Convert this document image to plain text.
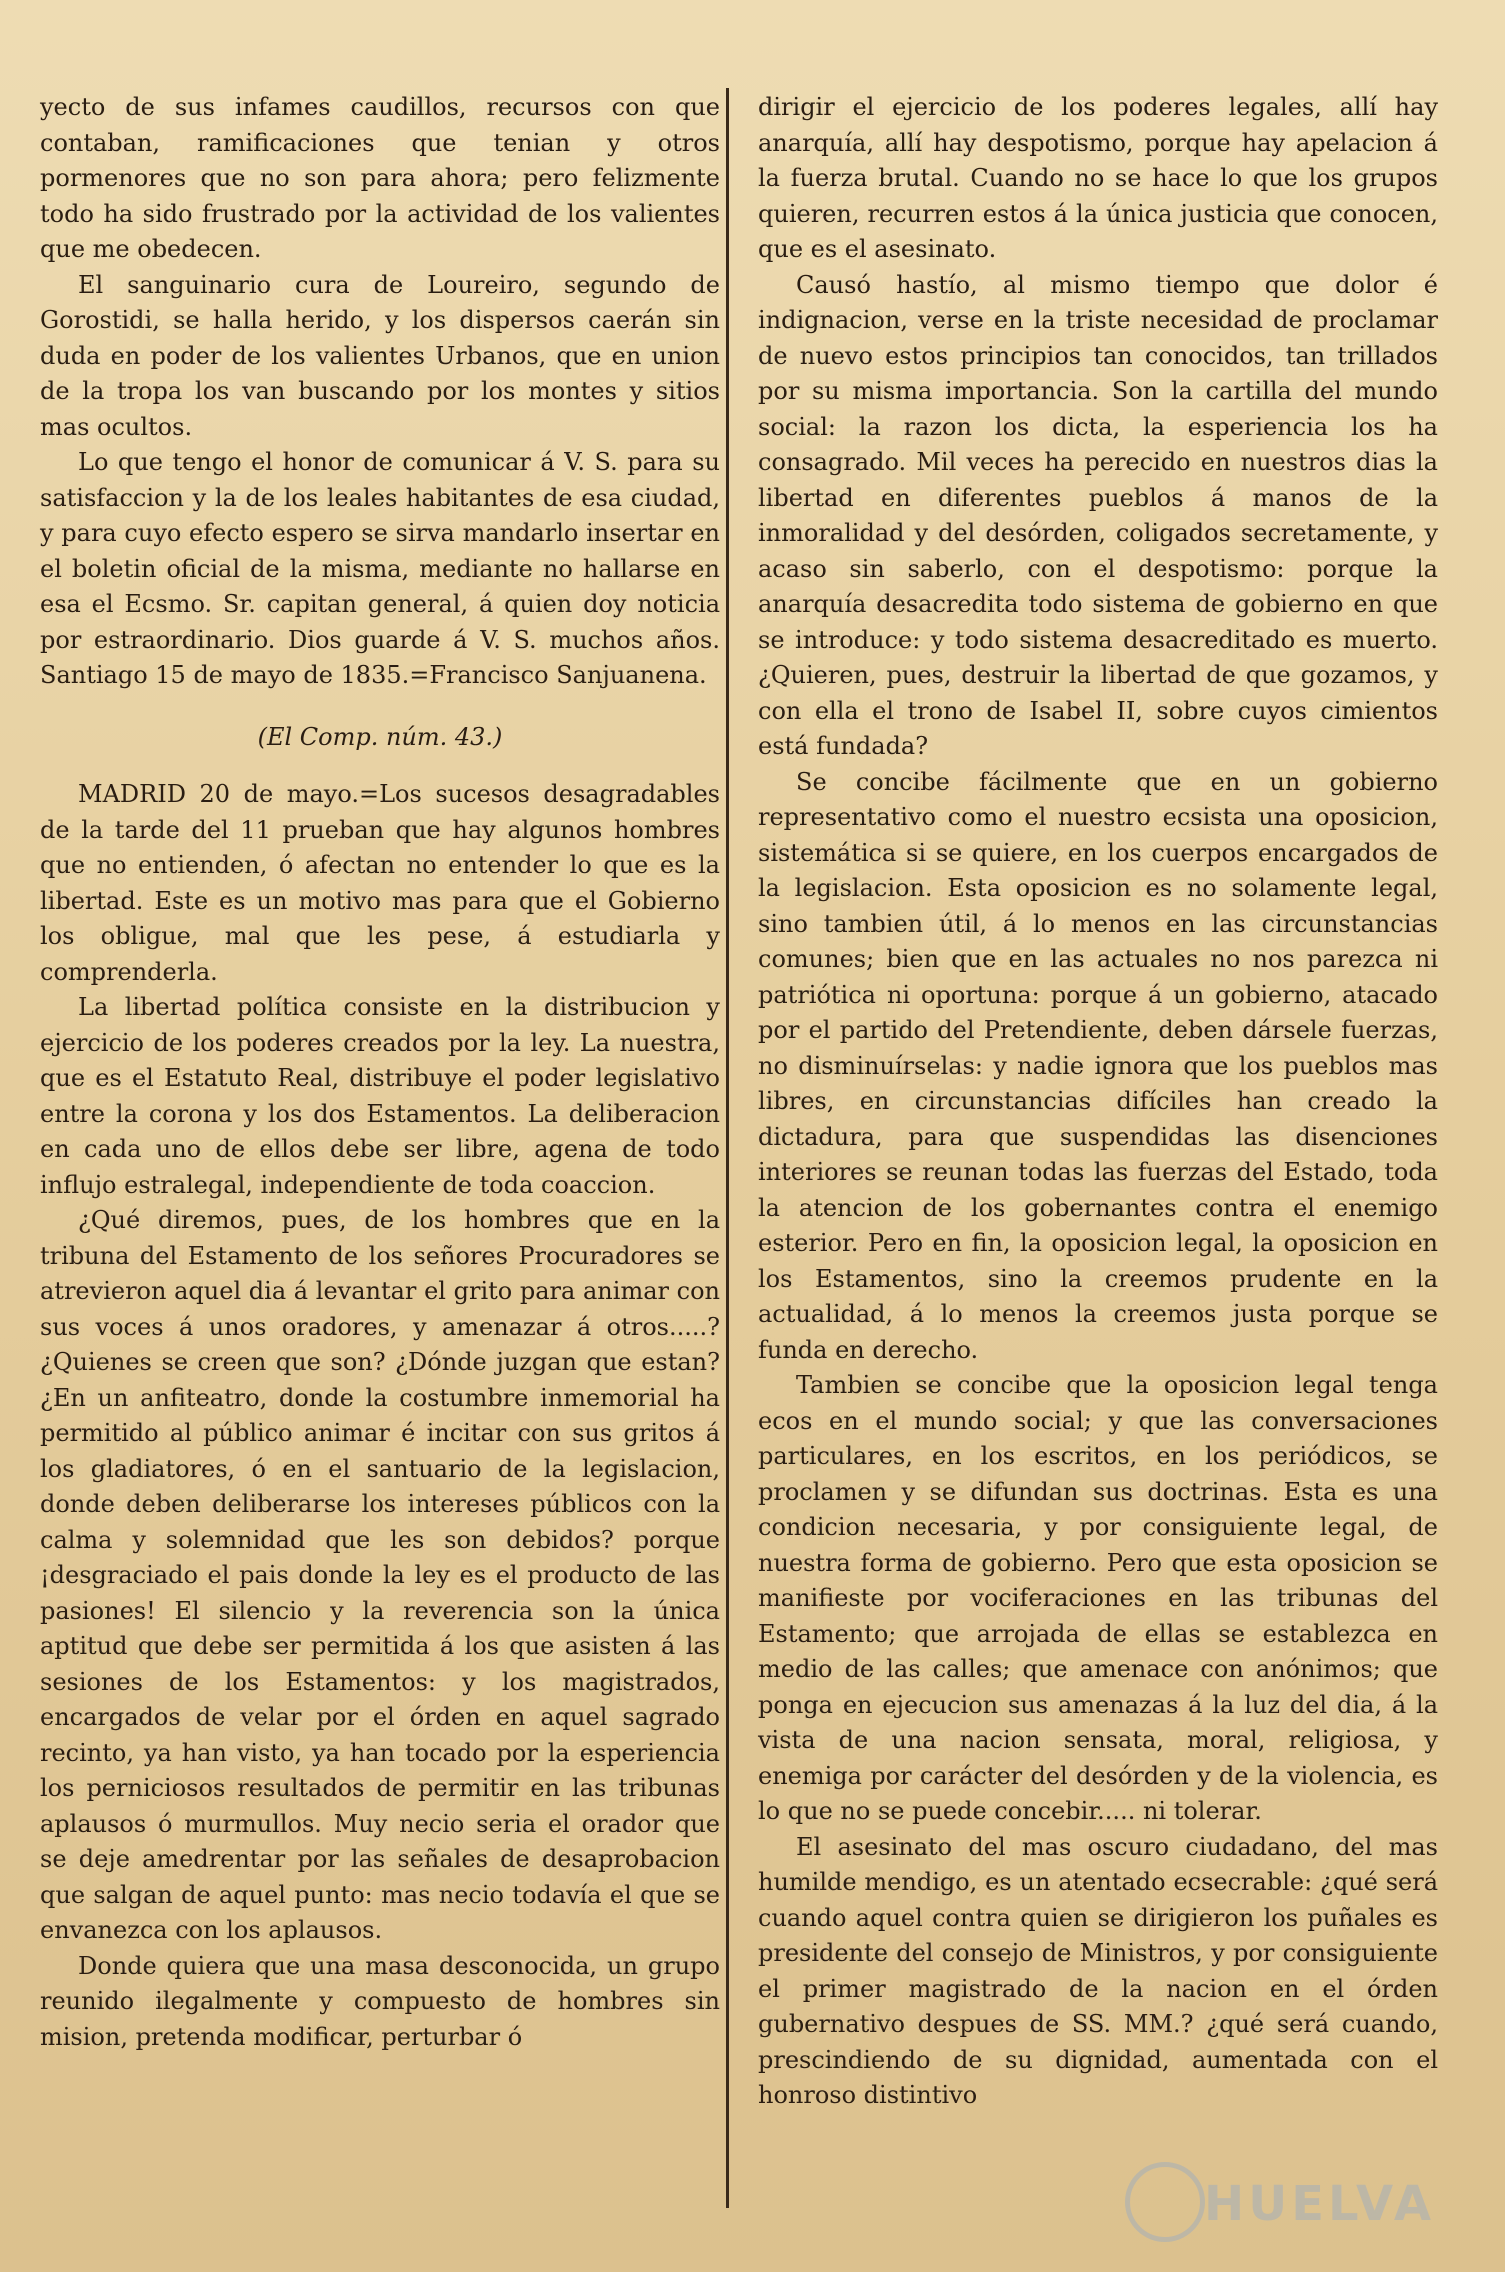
yecto de sus infames caudillos, recursos con que contaban, ramificaciones que tenian y otros pormenores que no son para ahora; pero felizmente todo ha sido frustrado por la actividad de los valientes que me obedecen.

El sanguinario cura de Loureiro, segundo de Gorostidi, se halla herido, y los dispersos caerán sin duda en poder de los valientes Urbanos, que en union de la tropa los van buscando por los montes y sitios mas ocultos.

Lo que tengo el honor de comunicar á V. S. para su satisfaccion y la de los leales habitantes de esa ciudad, y para cuyo efecto espero se sirva mandarlo insertar en el boletin oficial de la misma, mediante no hallarse en esa el Ecsmo. Sr. capitan general, á quien doy noticia por estraordinario. Dios guarde á V. S. muchos años. Santiago 15 de mayo de 1835.=Francisco Sanjuanena.

(El Comp. núm. 43.)

MADRID 20 de mayo.=Los sucesos desagradables de la tarde del 11 prueban que hay algunos hombres que no entienden, ó afectan no entender lo que es la libertad. Este es un motivo mas para que el Gobierno los obligue, mal que les pese, á estudiarla y comprenderla.

La libertad política consiste en la distribucion y ejercicio de los poderes creados por la ley. La nuestra, que es el Estatuto Real, distribuye el poder legislativo entre la corona y los dos Estamentos. La deliberacion en cada uno de ellos debe ser libre, agena de todo influjo estralegal, independiente de toda coaccion.

¿Qué diremos, pues, de los hombres que en la tribuna del Estamento de los señores Procuradores se atrevieron aquel dia á levantar el grito para animar con sus voces á unos oradores, y amenazar á otros.....? ¿Quienes se creen que son? ¿Dónde juzgan que estan? ¿En un anfiteatro, donde la costumbre inmemorial ha permitido al público animar é incitar con sus gritos á los gladiatores, ó en el santuario de la legislacion, donde deben deliberarse los intereses públicos con la calma y solemnidad que les son debidos? porque ¡desgraciado el pais donde la ley es el producto de las pasiones! El silencio y la reverencia son la única aptitud que debe ser permitida á los que asisten á las sesiones de los Estamentos: y los magistrados, encargados de velar por el órden en aquel sagrado recinto, ya han visto, ya han tocado por la esperiencia los perniciosos resultados de permitir en las tribunas aplausos ó murmullos. Muy necio seria el orador que se deje amedrentar por las señales de desaprobacion que salgan de aquel punto: mas necio todavía el que se envanezca con los aplausos.

Donde quiera que una masa desconocida, un grupo reunido ilegalmente y compuesto de hombres sin mision, pretenda modificar, perturbar ó

dirigir el ejercicio de los poderes legales, allí hay anarquía, allí hay despotismo, porque hay apelacion á la fuerza brutal. Cuando no se hace lo que los grupos quieren, recurren estos á la única justicia que conocen, que es el asesinato.

Causó hastío, al mismo tiempo que dolor é indignacion, verse en la triste necesidad de proclamar de nuevo estos principios tan conocidos, tan trillados por su misma importancia. Son la cartilla del mundo social: la razon los dicta, la esperiencia los ha consagrado. Mil veces ha perecido en nuestros dias la libertad en diferentes pueblos á manos de la inmoralidad y del desórden, coligados secretamente, y acaso sin saberlo, con el despotismo: porque la anarquía desacredita todo sistema de gobierno en que se introduce: y todo sistema desacreditado es muerto. ¿Quieren, pues, destruir la libertad de que gozamos, y con ella el trono de Isabel II, sobre cuyos cimientos está fundada?

Se concibe fácilmente que en un gobierno representativo como el nuestro ecsista una oposicion, sistemática si se quiere, en los cuerpos encargados de la legislacion. Esta oposicion es no solamente legal, sino tambien útil, á lo menos en las circunstancias comunes; bien que en las actuales no nos parezca ni patriótica ni oportuna: porque á un gobierno, atacado por el partido del Pretendiente, deben dársele fuerzas, no disminuírselas: y nadie ignora que los pueblos mas libres, en circunstancias difíciles han creado la dictadura, para que suspendidas las disenciones interiores se reunan todas las fuerzas del Estado, toda la atencion de los gobernantes contra el enemigo esterior. Pero en fin, la oposicion legal, la oposicion en los Estamentos, sino la creemos prudente en la actualidad, á lo menos la creemos justa porque se funda en derecho.

Tambien se concibe que la oposicion legal tenga ecos en el mundo social; y que las conversaciones particulares, en los escritos, en los periódicos, se proclamen y se difundan sus doctrinas. Esta es una condicion necesaria, y por consiguiente legal, de nuestra forma de gobierno. Pero que esta oposicion se manifieste por vociferaciones en las tribunas del Estamento; que arrojada de ellas se establezca en medio de las calles; que amenace con anónimos; que ponga en ejecucion sus amenazas á la luz del dia, á la vista de una nacion sensata, moral, religiosa, y enemiga por carácter del desórden y de la violencia, es lo que no se puede concebir..... ni tolerar.

El asesinato del mas oscuro ciudadano, del mas humilde mendigo, es un atentado ecsecrable: ¿qué será cuando aquel contra quien se dirigieron los puñales es presidente del consejo de Ministros, y por consiguiente el primer magistrado de la nacion en el órden gubernativo despues de SS. MM.? ¿qué será cuando, prescindiendo de su dignidad, aumentada con el honroso distintivo

HUELVA
